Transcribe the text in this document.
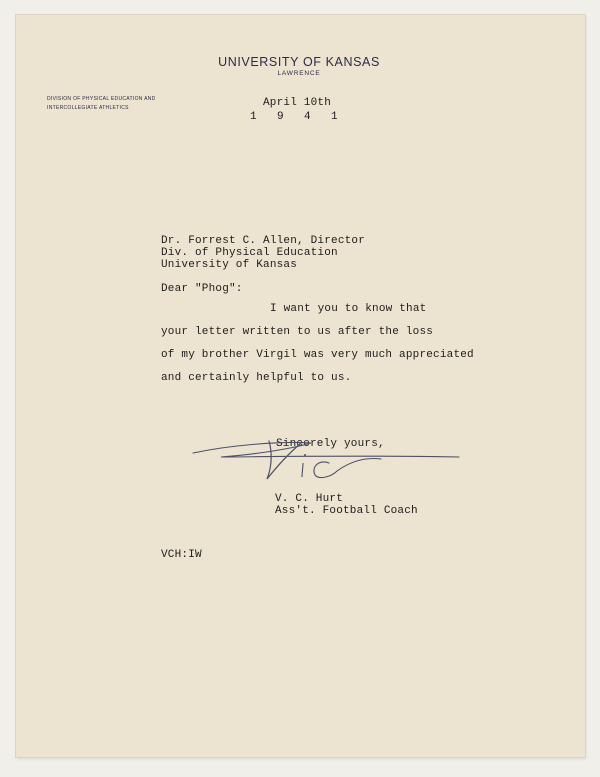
UNIVERSITY OF KANSAS
LAWRENCE
DIVISION OF PHYSICAL EDUCATION AND
INTERCOLLEGIATE ATHLETICS	April 10th
1  9  4  1
Dr. Forrest C. Allen, Director
Div. of Physical Education
University of Kansas
Dear "Phog":
I want you to know that
your letter written to us after the loss
of my brother Virgil was very much appreciated
and certainly helpful to us.
Sincerely yours,
V. C. Hurt
Ass't. Football Coach
VCH:IW
